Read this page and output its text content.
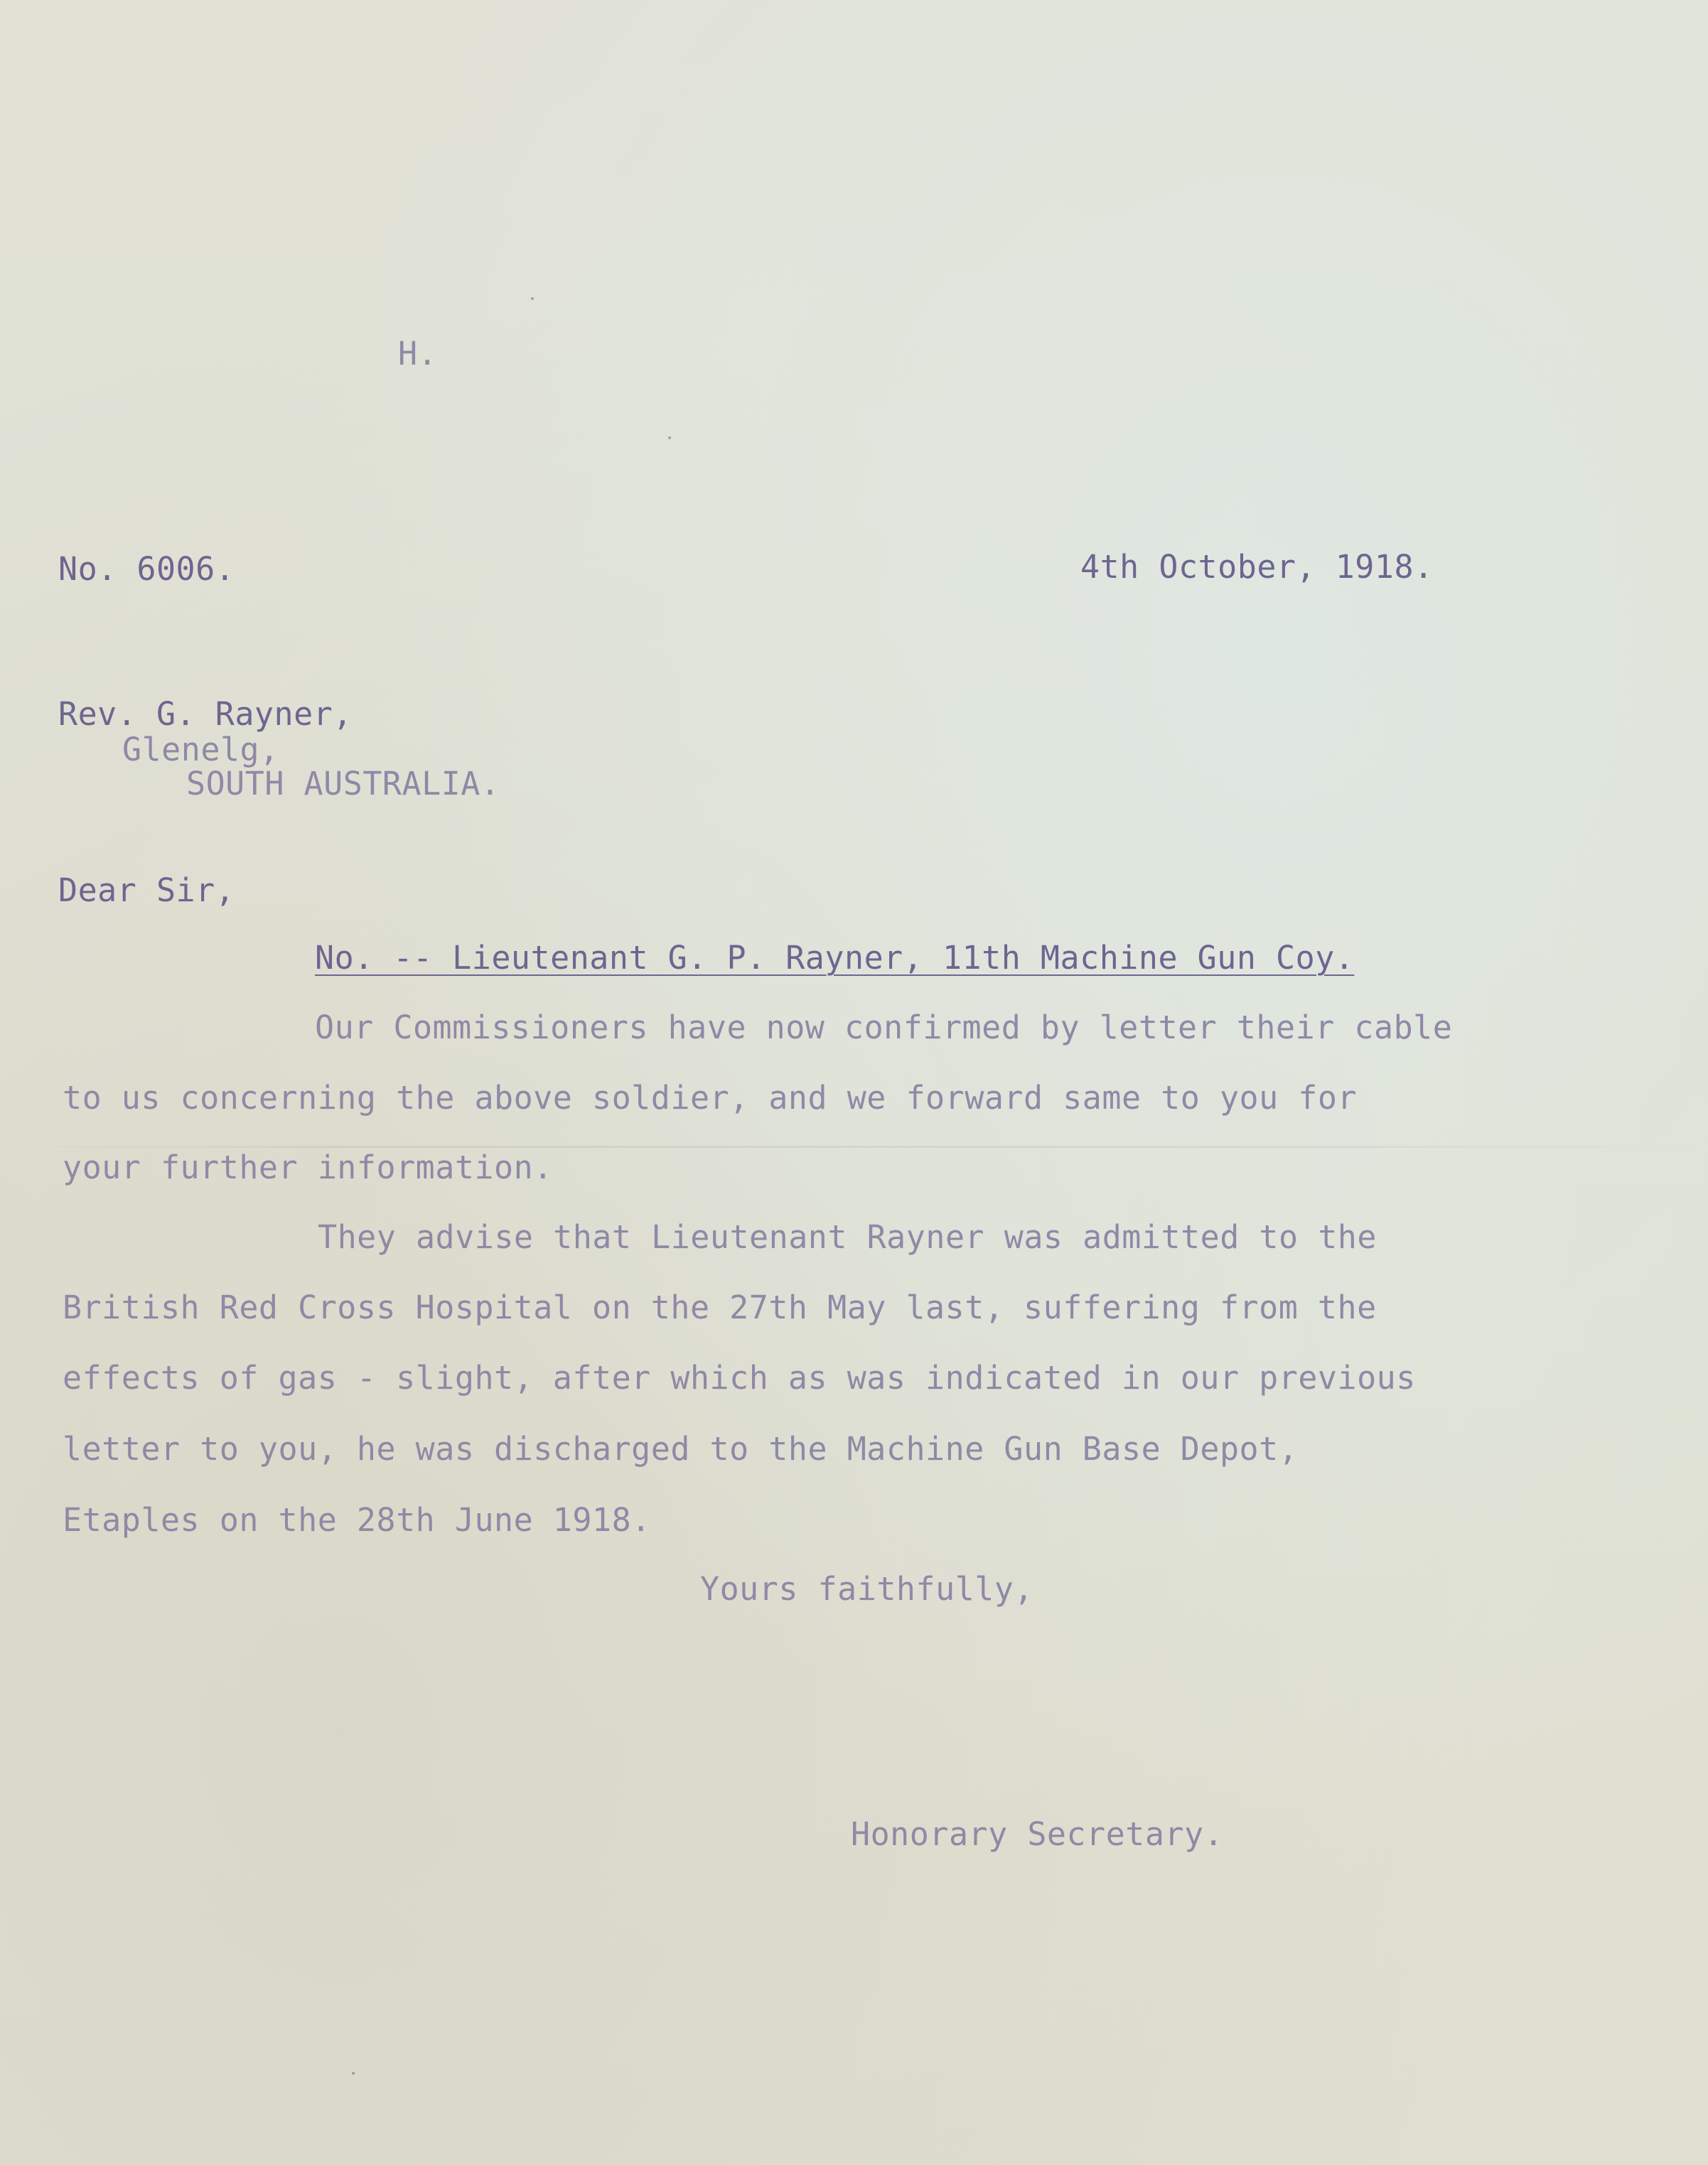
H.

No. 6006.	4th October, 1918.

Rev. G. Rayner,

Glenelg,

SOUTH AUSTRALIA.

Dear Sir,

No. -- Lieutenant G. P. Rayner, 11th Machine Gun Coy.

Our Commissioners have now confirmed by letter their cable

to us concerning the above soldier, and we forward same to you for

your further information.

They advise that Lieutenant Rayner was admitted to the

British Red Cross Hospital on the 27th May last, suffering from the

effects of gas - slight, after which as was indicated in our previous

letter to you, he was discharged to the Machine Gun Base Depot,

Etaples on the 28th June 1918.

Yours faithfully,

Honorary Secretary.
